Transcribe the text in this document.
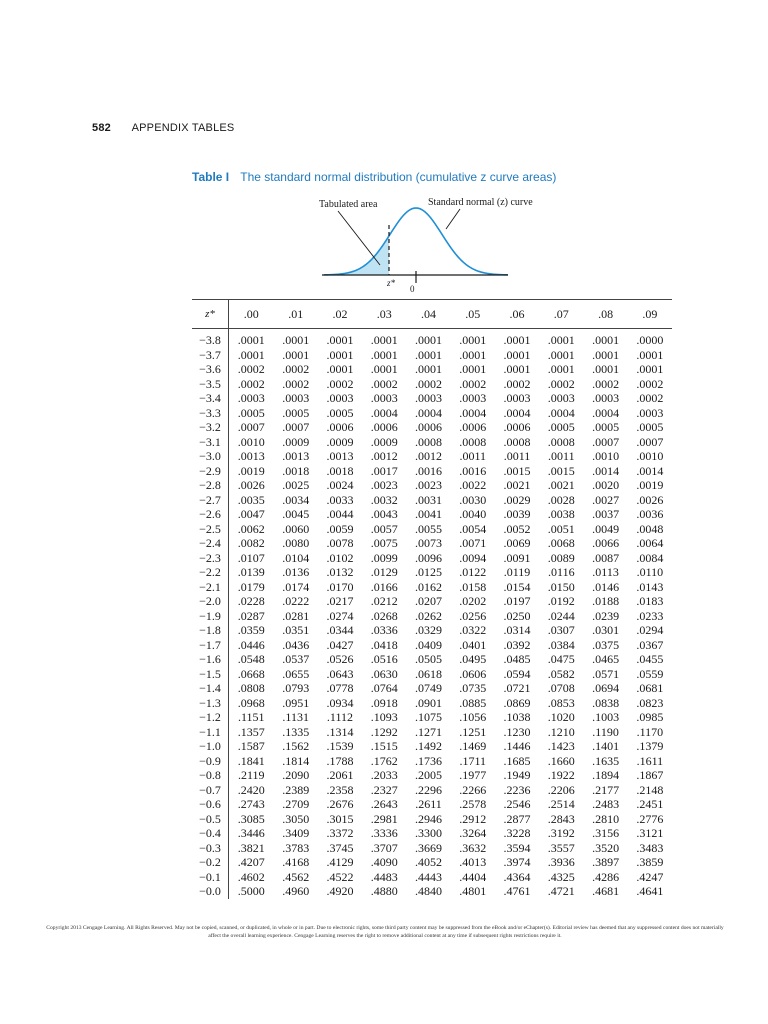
582 APPENDIX TABLES
Table I The standard normal distribution (cumulative z curve areas)
Tabulated area	Standard normal (z) curve
z*
0
z*	.00	.01	.02	.03	.04	.05	.06	.07	.08	.09
−3.8	.0001	.0001	.0001	.0001	.0001	.0001	.0001	.0001	.0001	.0000
−3.7	.0001	.0001	.0001	.0001	.0001	.0001	.0001	.0001	.0001	.0001
−3.6	.0002	.0002	.0001	.0001	.0001	.0001	.0001	.0001	.0001	.0001
−3.5	.0002	.0002	.0002	.0002	.0002	.0002	.0002	.0002	.0002	.0002
−3.4	.0003	.0003	.0003	.0003	.0003	.0003	.0003	.0003	.0003	.0002
−3.3	.0005	.0005	.0005	.0004	.0004	.0004	.0004	.0004	.0004	.0003
−3.2	.0007	.0007	.0006	.0006	.0006	.0006	.0006	.0005	.0005	.0005
−3.1	.0010	.0009	.0009	.0009	.0008	.0008	.0008	.0008	.0007	.0007
−3.0	.0013	.0013	.0013	.0012	.0012	.0011	.0011	.0011	.0010	.0010
−2.9	.0019	.0018	.0018	.0017	.0016	.0016	.0015	.0015	.0014	.0014
−2.8	.0026	.0025	.0024	.0023	.0023	.0022	.0021	.0021	.0020	.0019
−2.7	.0035	.0034	.0033	.0032	.0031	.0030	.0029	.0028	.0027	.0026
−2.6	.0047	.0045	.0044	.0043	.0041	.0040	.0039	.0038	.0037	.0036
−2.5	.0062	.0060	.0059	.0057	.0055	.0054	.0052	.0051	.0049	.0048
−2.4	.0082	.0080	.0078	.0075	.0073	.0071	.0069	.0068	.0066	.0064
−2.3	.0107	.0104	.0102	.0099	.0096	.0094	.0091	.0089	.0087	.0084
−2.2	.0139	.0136	.0132	.0129	.0125	.0122	.0119	.0116	.0113	.0110
−2.1	.0179	.0174	.0170	.0166	.0162	.0158	.0154	.0150	.0146	.0143
−2.0	.0228	.0222	.0217	.0212	.0207	.0202	.0197	.0192	.0188	.0183
−1.9	.0287	.0281	.0274	.0268	.0262	.0256	.0250	.0244	.0239	.0233
−1.8	.0359	.0351	.0344	.0336	.0329	.0322	.0314	.0307	.0301	.0294
−1.7	.0446	.0436	.0427	.0418	.0409	.0401	.0392	.0384	.0375	.0367
−1.6	.0548	.0537	.0526	.0516	.0505	.0495	.0485	.0475	.0465	.0455
−1.5	.0668	.0655	.0643	.0630	.0618	.0606	.0594	.0582	.0571	.0559
−1.4	.0808	.0793	.0778	.0764	.0749	.0735	.0721	.0708	.0694	.0681
−1.3	.0968	.0951	.0934	.0918	.0901	.0885	.0869	.0853	.0838	.0823
−1.2	.1151	.1131	.1112	.1093	.1075	.1056	.1038	.1020	.1003	.0985
−1.1	.1357	.1335	.1314	.1292	.1271	.1251	.1230	.1210	.1190	.1170
−1.0	.1587	.1562	.1539	.1515	.1492	.1469	.1446	.1423	.1401	.1379
−0.9	.1841	.1814	.1788	.1762	.1736	.1711	.1685	.1660	.1635	.1611
−0.8	.2119	.2090	.2061	.2033	.2005	.1977	.1949	.1922	.1894	.1867
−0.7	.2420	.2389	.2358	.2327	.2296	.2266	.2236	.2206	.2177	.2148
−0.6	.2743	.2709	.2676	.2643	.2611	.2578	.2546	.2514	.2483	.2451
−0.5	.3085	.3050	.3015	.2981	.2946	.2912	.2877	.2843	.2810	.2776
−0.4	.3446	.3409	.3372	.3336	.3300	.3264	.3228	.3192	.3156	.3121
−0.3	.3821	.3783	.3745	.3707	.3669	.3632	.3594	.3557	.3520	.3483
−0.2	.4207	.4168	.4129	.4090	.4052	.4013	.3974	.3936	.3897	.3859
−0.1	.4602	.4562	.4522	.4483	.4443	.4404	.4364	.4325	.4286	.4247
−0.0	.5000	.4960	.4920	.4880	.4840	.4801	.4761	.4721	.4681	.4641
Copyright 2013 Cengage Learning. All Rights Reserved. May not be copied, scanned, or duplicated, in whole or in part. Due to electronic rights, some third party content may be suppressed from the eBook and/or eChapter(s). Editorial review has deemed that any suppressed content does not materially affect the overall learning experience. Cengage Learning reserves the right to remove additional content at any time if subsequent rights restrictions require it.
